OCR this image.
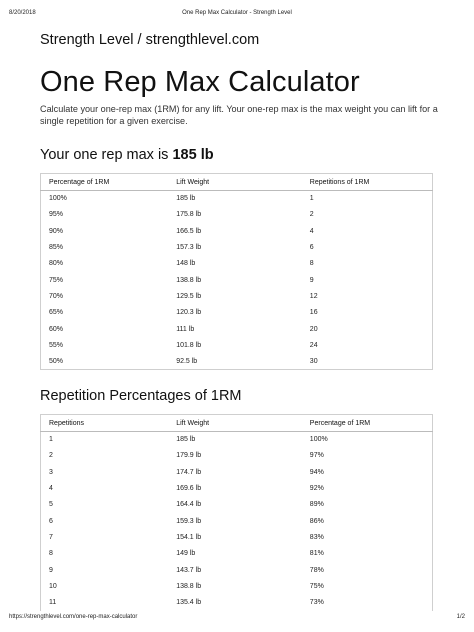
8/20/2018	One Rep Max Calculator - Strength Level
Strength Level / strengthlevel.com
One Rep Max Calculator

Calculate your one-rep max (1RM) for any lift. Your one-rep max is the max weight you can lift for a single repetition for a given exercise.

Your one rep max is 185 lb
Percentage of 1RM	Lift Weight	Repetitions of 1RM
100%	185 lb	1
95%	175.8 lb	2
90%	166.5 lb	4
85%	157.3 lb	6
80%	148 lb	8
75%	138.8 lb	9
70%	129.5 lb	12
65%	120.3 lb	16
60%	111 lb	20
55%	101.8 lb	24
50%	92.5 lb	30
Repetition Percentages of 1RM
Repetitions	Lift Weight	Percentage of 1RM
1	185 lb	100%
2	179.9 lb	97%
3	174.7 lb	94%
4	169.6 lb	92%
5	164.4 lb	89%
6	159.3 lb	86%
7	154.1 lb	83%
8	149 lb	81%
9	143.7 lb	78%
10	138.8 lb	75%
11	135.4 lb	73%
https://strengthlevel.com/one-rep-max-calculator	1/2
